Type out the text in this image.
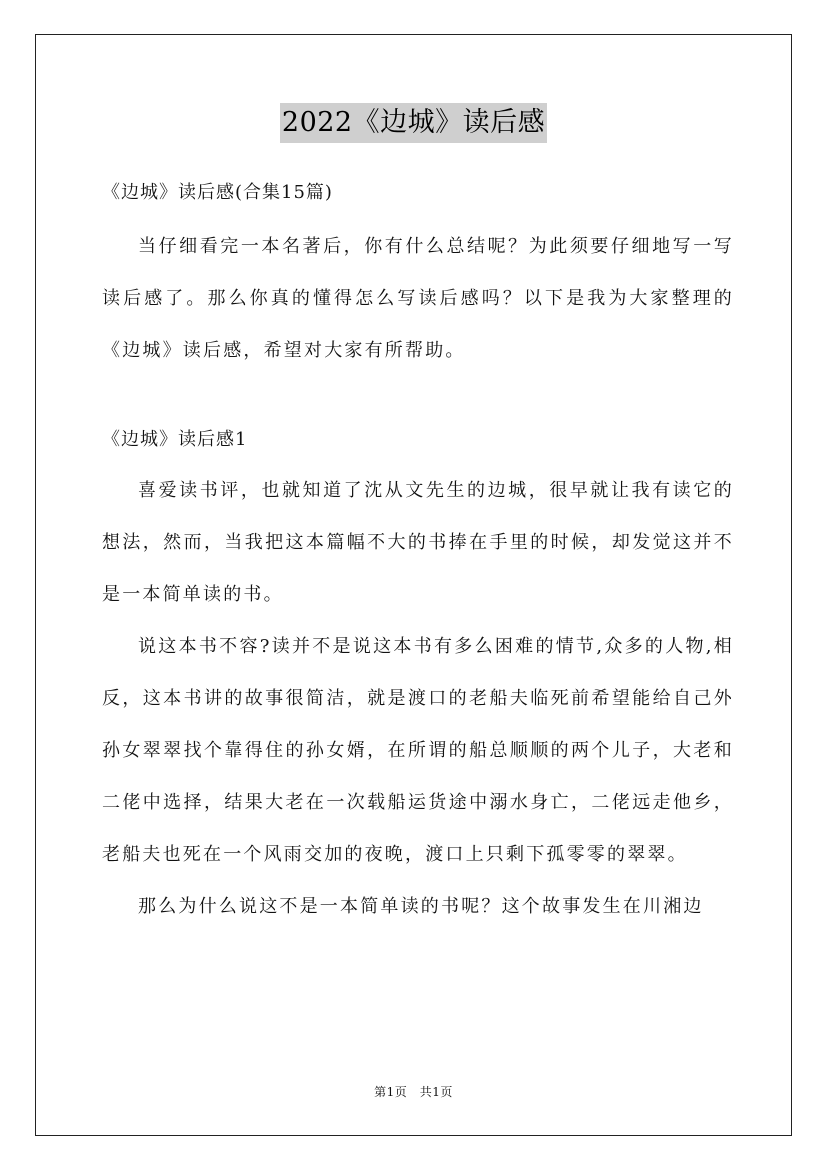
2022《边城》读后感

《边城》读后感(合集15篇)

当仔细看完一本名著后，你有什么总结呢？为此须要仔细地写一写读后感了。那么你真的懂得怎么写读后感吗？以下是我为大家整理的《边城》读后感，希望对大家有所帮助。

《边城》读后感1

喜爱读书评，也就知道了沈从文先生的边城，很早就让我有读它的想法，然而，当我把这本篇幅不大的书捧在手里的时候，却发觉这并不是一本简单读的书。

说这本书不容?读并不是说这本书有多么困难的情节,众多的人物,相反，这本书讲的故事很简洁，就是渡口的老船夫临死前希望能给自己外孙女翠翠找个靠得住的孙女婿，在所谓的船总顺顺的两个儿子，大老和二佬中选择，结果大老在一次载船运货途中溺水身亡，二佬远走他乡，老船夫也死在一个风雨交加的夜晚，渡口上只剩下孤零零的翠翠。

那么为什么说这不是一本简单读的书呢？这个故事发生在川湘边

第1页　共1页
